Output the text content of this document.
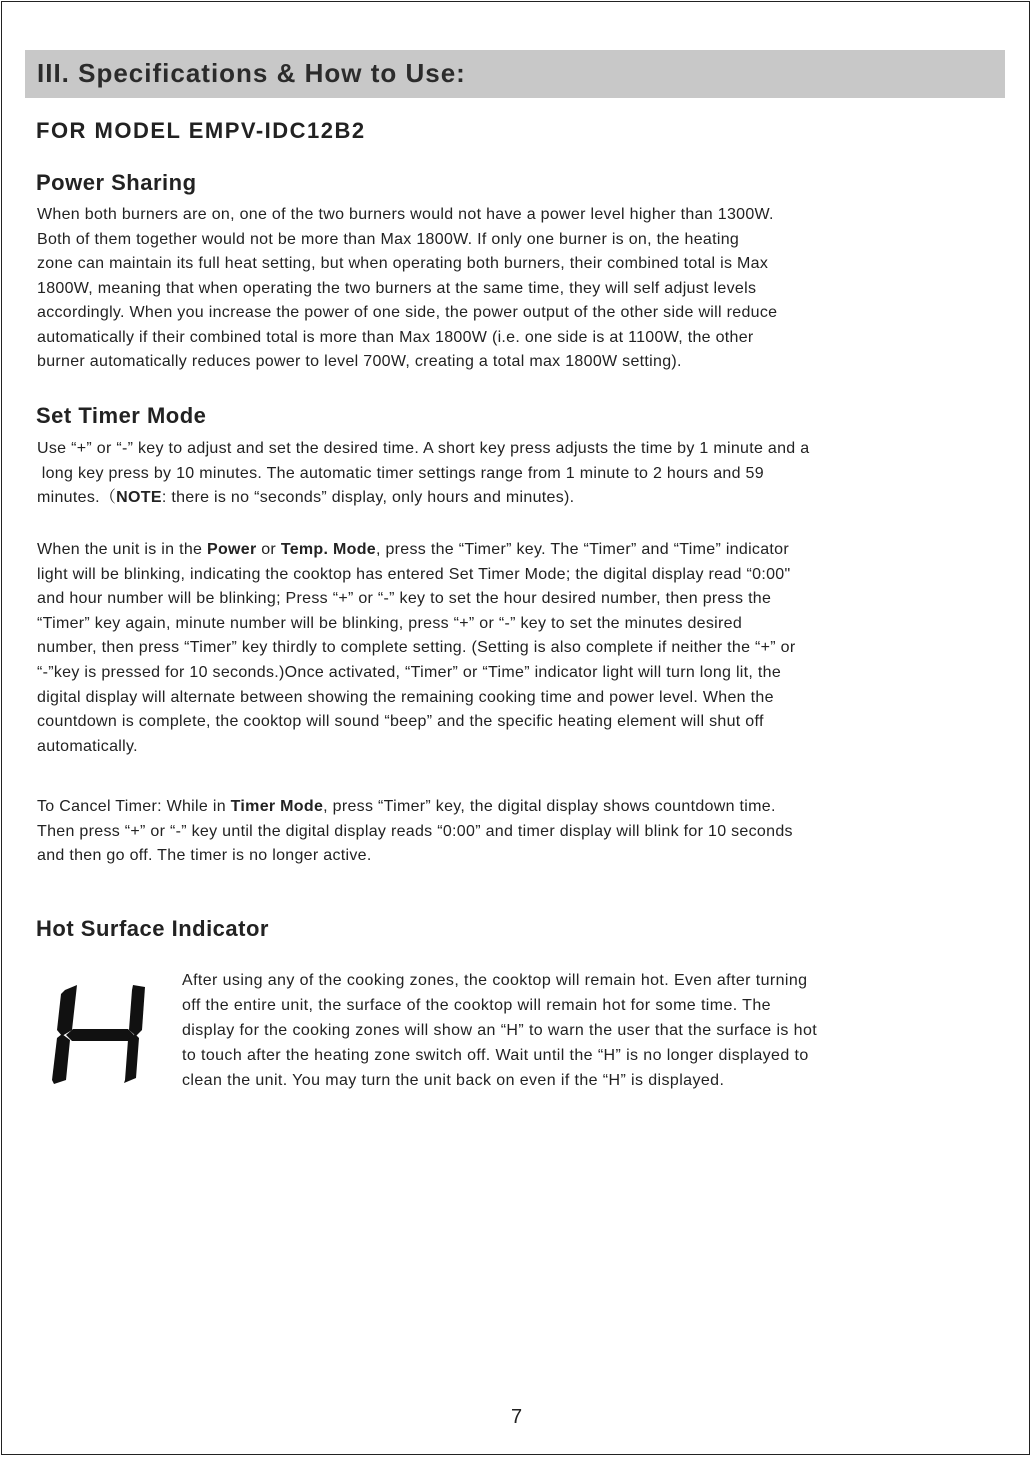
III. Specifications & How to Use:
FOR MODEL EMPV-IDC12B2
Power Sharing
When both burners are on, one of the two burners would not have a power level higher than 1300W.
Both of them together would not be more than Max 1800W. If only one burner is on, the heating
zone can maintain its full heat setting, but when operating both burners, their combined total is Max
1800W, meaning that when operating the two burners at the same time, they will self adjust levels
accordingly. When you increase the power of one side, the power output of the other side will reduce
automatically if their combined total is more than Max 1800W (i.e. one side is at 1100W, the other
burner automatically reduces power to level 700W, creating a total max 1800W setting).
Set Timer Mode
Use “+” or “-” key to adjust and set the desired time. A short key press adjusts the time by 1 minute and a
long key press by 10 minutes. The automatic timer settings range from 1 minute to 2 hours and 59
minutes.（NOTE: there is no “seconds” display, only hours and minutes).
When the unit is in the Power or Temp. Mode, press the “Timer” key. The “Timer” and “Time” indicator
light will be blinking, indicating the cooktop has entered Set Timer Mode; the digital display read “0:00"
and hour number will be blinking; Press “+” or “-” key to set the hour desired number, then press the
“Timer” key again, minute number will be blinking, press “+” or “-” key to set the minutes desired
number, then press “Timer” key thirdly to complete setting. (Setting is also complete if neither the “+” or
“-”key is pressed for 10 seconds.)Once activated, “Timer” or “Time” indicator light will turn long lit, the
digital display will alternate between showing the remaining cooking time and power level. When the
countdown is complete, the cooktop will sound “beep” and the specific heating element will shut off
automatically.
To Cancel Timer: While in Timer Mode, press “Timer” key, the digital display shows countdown time.
Then press “+” or “-” key until the digital display reads “0:00” and timer display will blink for 10 seconds
and then go off. The timer is no longer active.
Hot Surface Indicator
After using any of the cooking zones, the cooktop will remain hot. Even after turning
off the entire unit, the surface of the cooktop will remain hot for some time. The
display for the cooking zones will show an “H” to warn the user that the surface is hot
to touch after the heating zone switch off. Wait until the “H” is no longer displayed to
clean the unit. You may turn the unit back on even if the “H” is displayed.
7
